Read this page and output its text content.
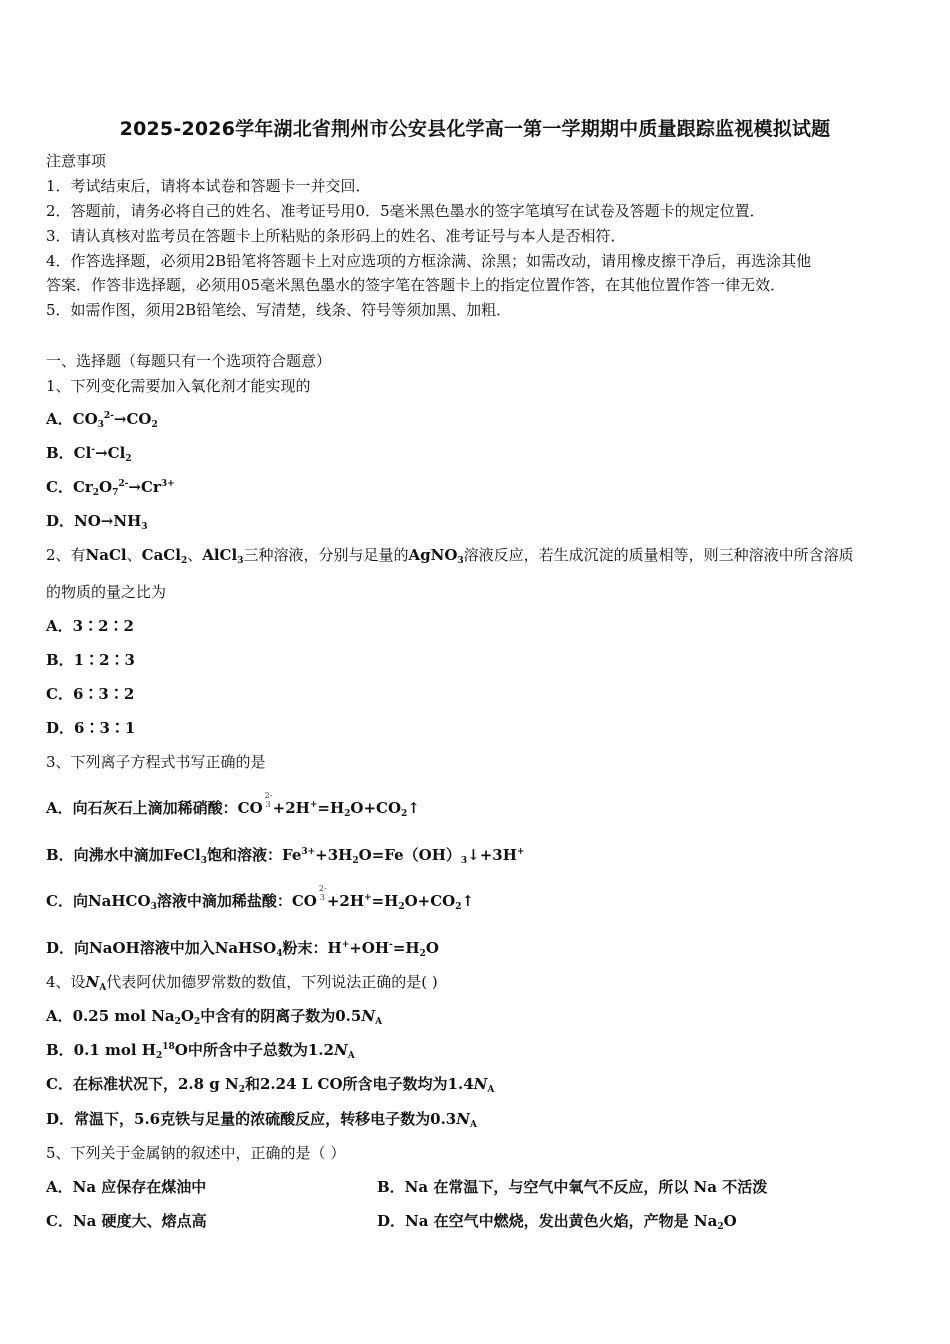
2025-2026学年湖北省荆州市公安县化学高一第一学期期中质量跟踪监视模拟试题
注意事项
1．考试结束后，请将本试卷和答题卡一并交回．
2．答题前，请务必将自己的姓名、准考证号用0．5毫米黑色墨水的签字笔填写在试卷及答题卡的规定位置．
3．请认真核对监考员在答题卡上所粘贴的条形码上的姓名、准考证号与本人是否相符．
4．作答选择题，必须用2B铅笔将答题卡上对应选项的方框涂满、涂黑；如需改动，请用橡皮擦干净后，再选涂其他
答案．作答非选择题，必须用05毫米黑色墨水的签字笔在答题卡上的指定位置作答，在其他位置作答一律无效．
5．如需作图，须用2B铅笔绘、写清楚，线条、符号等须加黑、加粗．
一、选择题（每题只有一个选项符合题意）
1、下列变化需要加入氧化剂才能实现的
A．$CO_3^{2-}\to CO_2$
B．$Cl^-\to Cl_2$
C．$Cr_2O_7^{2-}\to Cr^{3+}$
D．$NO\to NH_3$
2、有NaCl、CaCl$_2$、AlCl$_3$三种溶液，分别与足量的AgNO$_3$溶液反应，若生成沉淀的质量相等，则三种溶液中所含溶质
的物质的量之比为
A．3∶2∶2
B．1∶2∶3
C．6∶3∶2
D．6∶3∶1
3、下列离子方程式书写正确的是
A．向石灰石上滴加稀硝酸：CO
2-
$3 +2H^+=H_2O+CO_2↑$
B．向沸水中滴加FeCl$_3$饱和溶液：$Fe^{3+}+3H_2O=Fe(OH)_3↓+3H^+$
C．向NaHCO$_3$溶液中滴加稀盐酸：CO
2-
$3 +2H^+=H_2O+CO_2↑$
D．向NaOH溶液中加入NaHSO$_4$粉末：$H^++OH^-=H_2O$
4、设$N_A$代表阿伏加德罗常数的数值，下列说法正确的是( )
A．0.25 mol $Na_2O_2$中含有的阴离子数为$0.5N_A$
B．0.1 mol $H_2^{18}O$中所含中子总数为$1.2N_A$
C．在标准状况下，2.8 g $N_2$和2.24 L CO所含电子数均为$1.4N_A$
D．常温下，5.6克铁与足量的浓硫酸反应，转移电子数为$0.3N_A$
5、下列关于金属钠的叙述中，正确的是（ ）
A．Na 应保存在煤油中	B．Na 在常温下，与空气中氧气不反应，所以 Na 不活泼
C．Na 硬度大、熔点高	D．Na 在空气中燃烧，发出黄色火焰，产物是 $Na_2O$
